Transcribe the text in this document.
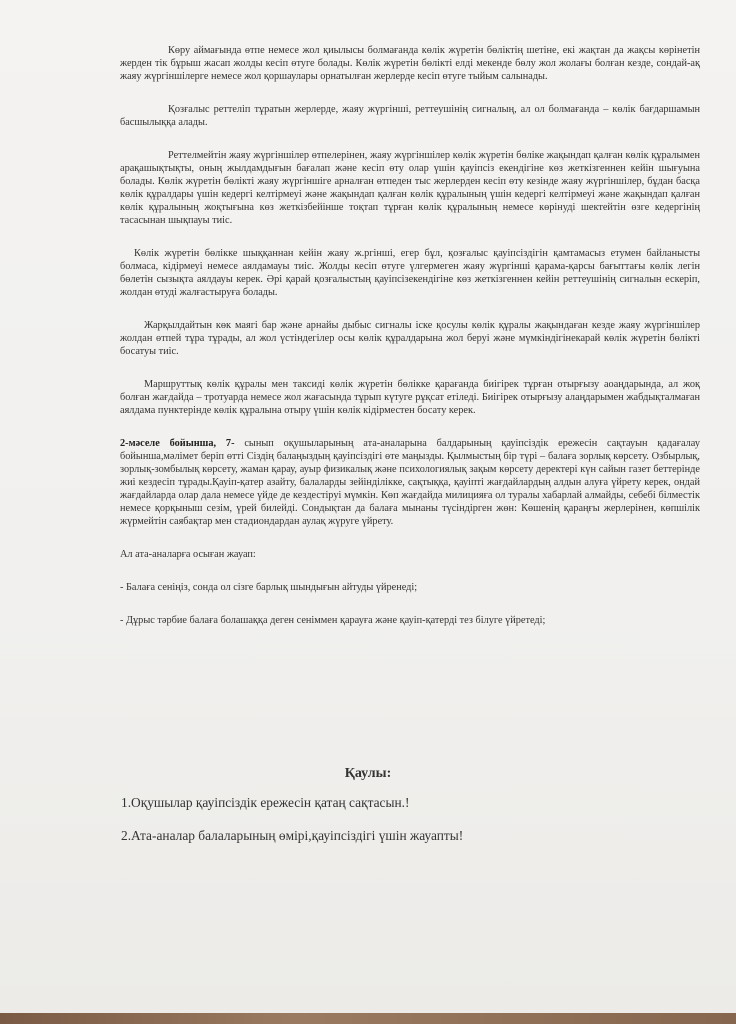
Көру аймағында өтпе немесе жол қиылысы болмағанда көлік жүретін бөліктің шетіне, екі жақтан да жақсы көрінетін жерден тік бұрыш жасап жолды кесіп өтуге болады. Көлік жүретін бөлікті елді мекенде бөлу жол жолағы болған кезде, сондай-ақ жаяу жүргіншілерге немесе жол қоршаулары орнатылған жерлерде кесіп өтуге тыйым салынады.

Қозғалыс реттеліп тұратын жерлерде, жаяу жүргінші, реттеушінің сигналың, ал ол болмағанда – көлік бағдаршамын басшылыққа алады.

Реттелмейтін жаяу жүргіншілер өтпелерінен, жаяу жүргіншілер көлік жүретін бөліке жақындап қалған көлік құралымен арақашықтықты, оның жылдамдығын бағалап және кесіп өту олар үшін қауіпсіз екендігіне көз жеткізгеннен кейін шығуына болады. Көлік жүретін бөлікті жаяу жүргіншіге арналған өтпеден тыс жерлерден кесіп өту кезінде жаяу жүргіншілер, бұдан басқа көлік құралдары үшін кедергі келтірмеуі және жақындап қалған көлік құралының үшін кедергі келтірмеуі және жақындап қалған көлік құралының жоқтығына көз жеткізбейінше тоқтап тұрған көлік құралының немесе көрінуді шектейтін өзге кедергінің тасасынан шықпауы тиіс.

Көлік жүретін бөлікке шыққаннан кейін жаяу ж.ргінші, егер бұл, қозғалыс қауіпсіздігін қамтамасыз етумен байланысты болмаса, кідірмеуі немесе аялдамауы тиіс. Жолды кесіп өтуге үлгермеген жаяу жүргінші қарама-қарсы бағыттағы көлік легін бөлетін сызықта аялдауы керек. Әрі қарай қозғалыстың қауіпсізекендігіне көз жеткізгеннен кейін реттеушінің сигналын ескеріп, жолдан өтуді жалғастыруға болады.

Жарқылдайтын көк маягі бар және арнайы дыбыс сигналы іске қосулы көлік құралы жақындаған кезде жаяу жүргіншілер жолдан өтпей тұра тұрады, ал жол үстіндегілер осы көлік құралдарына жол беруі және мүмкіндігінекарай көлік жүретін бөлікті босатуы тиіс.

Маршруттық көлік құралы мен таксиді көлік жүретін бөлікке қарағанда биігірек тұрған отырғызу аоаңдарында, ал жоқ болған жағдайда – тротуарда немесе жол жағасында тұрып күтуге рұқсат етіледі. Биігірек отырғызу алаңдарымен жабдықталмаған аялдама пунктерінде көлік құралына отыру үшін көлік кідірместен босату керек.

2-мәселе бойынша, 7- сынып оқушыларының ата-аналарына балдарының қауіпсіздік ережесін сақтауын қадағалау бойынша,мәлімет беріп өтті Сіздің балаңыздың қауіпсіздігі өте маңызды. Қылмыстың бір түрі – балаға зорлық көрсету. Озбырлық, зорлық-зомбылық көрсету, жаман қарау, ауыр физикалық және психологиялық зақым көрсету деректері күн сайын газет беттерінде жиі кездесіп тұрады.Қауіп-қатер азайту, балаларды зейінділікке, сақтыққа, қауіпті жағдайлардың алдын алуға үйрету керек, ондай жағдайларда олар дала немесе үйде де кездестіруі мүмкін. Көп жағдайда милицияға ол туралы хабарлай алмайды, себебі білместік немесе қорқыныш сезім, үрей билейді. Сондықтан да балаға мынаны түсіндірген жөн: Көшенің қараңғы жерлерінен, көпшілік жүрмейтін саябақтар мен стадиондардан аулақ жүруге үйрету.

Ал ата-аналарға осыған жауап:

- Балаға сеніңіз, сонда ол сізге барлық шындығын айтуды үйренеді;

- Дұрыс тәрбие балаға болашаққа деген сеніммен қарауға және қауіп-қатерді тез білуге үйретеді;

Қаулы:
1.Оқушылар қауіпсіздік ережесін қатаң сақтасын.!
2.Ата-аналар балаларының өмірі,қауіпсіздігі үшін жауапты!
